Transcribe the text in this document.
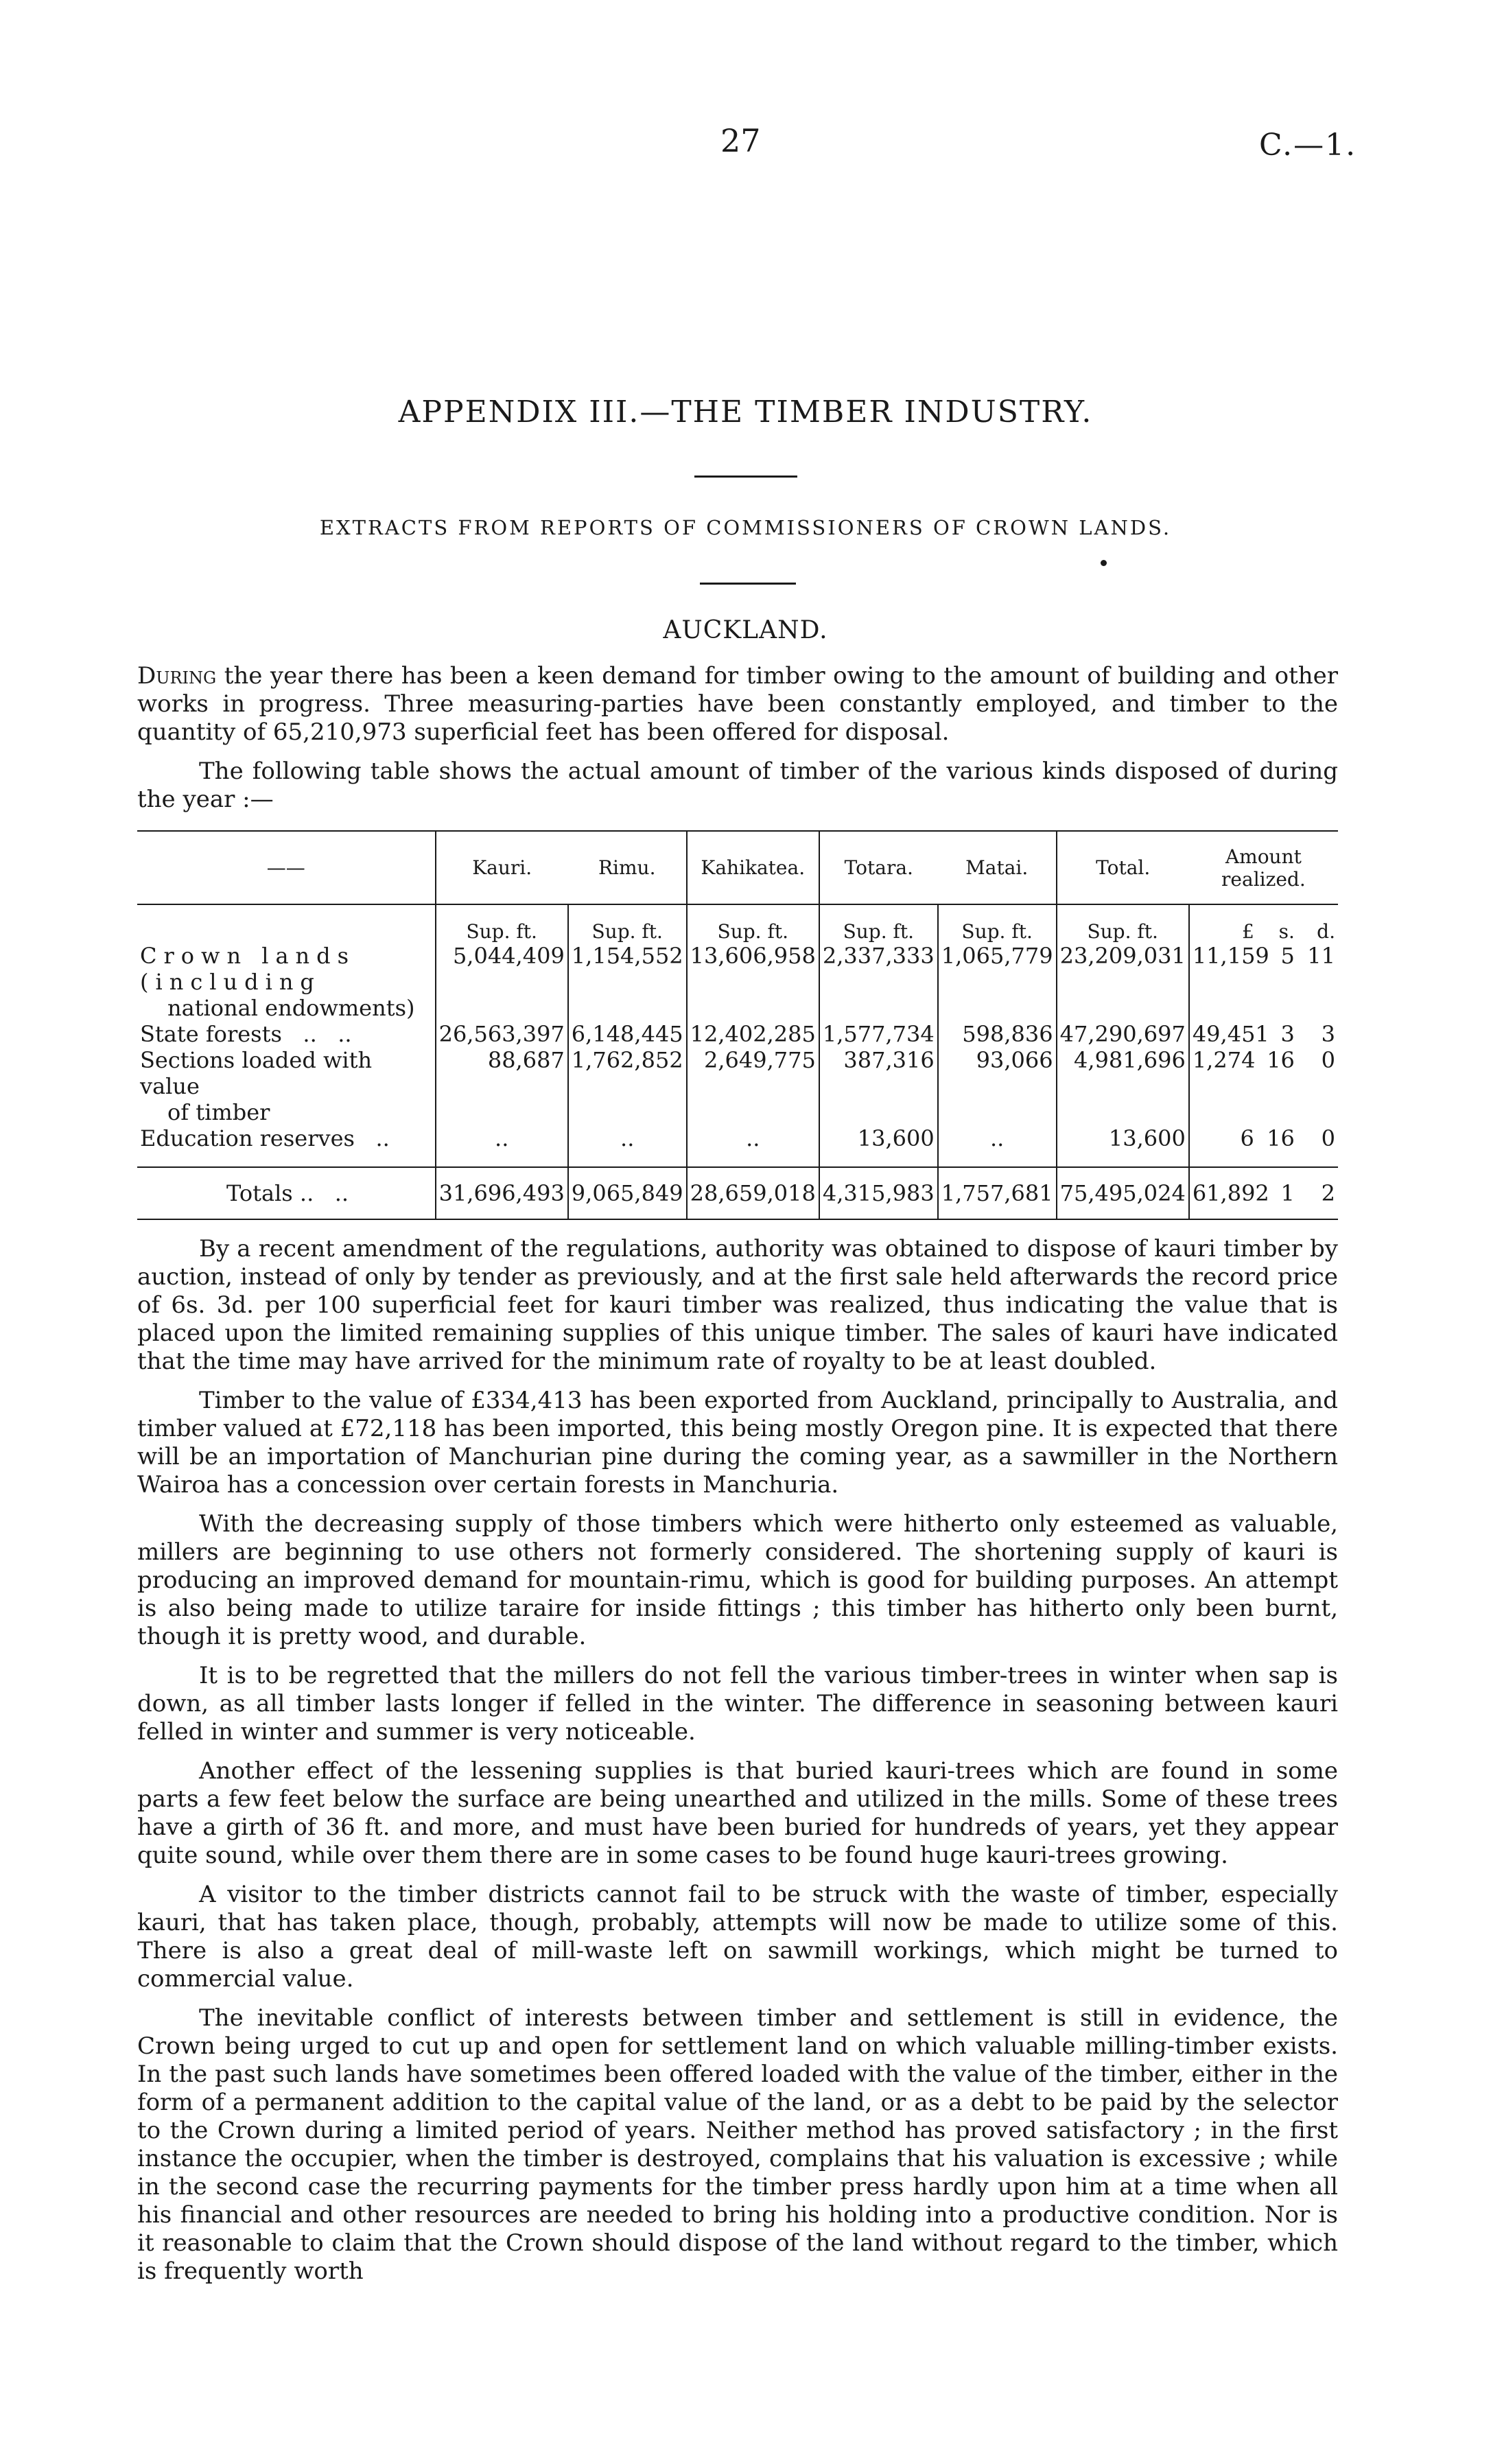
27	C.—1.
APPENDIX III.—THE TIMBER INDUSTRY.
EXTRACTS FROM REPORTS OF COMMISSIONERS OF CROWN LANDS.
AUCKLAND.

During the year there has been a keen demand for timber owing to the amount of building and other works in progress. Three measuring-parties have been constantly employed, and timber to the quantity of 65,210,973 superficial feet has been offered for disposal.

The following table shows the actual amount of timber of the various kinds disposed of during the year :—

——	Kauri.	Rimu.	Kahikatea.	Totara.	Matai.	Total.	Amount realized.
	Sup. ft.	Sup. ft.	Sup. ft.	Sup. ft.	Sup. ft.	Sup. ft.	£ s. d.

Crown lands (including
national endowments)	5,044,409	1,154,552	13,606,958	2,337,333	1,065,779	23,209,031	11,159 5 11

State forests   ..   ..	26,563,397	6,148,445	12,402,285	1,577,734	598,836	47,290,697	49,451 3 3

Sections loaded with value
of timber	88,687	1,762,852	2,649,775	387,316	93,066	4,981,696	1,274 16 0

Education reserves   ..	..	..	..	13,600	..	13,600	6 16 0

Totals ..   ..	31,696,493	9,065,849	28,659,018	4,315,983	1,757,681	75,495,024	61,892 1 2

By a recent amendment of the regulations, authority was obtained to dispose of kauri timber by auction, instead of only by tender as previously, and at the first sale held afterwards the record price of 6s. 3d. per 100 superficial feet for kauri timber was realized, thus indicating the value that is placed upon the limited remaining supplies of this unique timber. The sales of kauri have indicated that the time may have arrived for the minimum rate of royalty to be at least doubled.

Timber to the value of £334,413 has been exported from Auckland, principally to Australia, and timber valued at £72,118 has been imported, this being mostly Oregon pine. It is expected that there will be an importation of Manchurian pine during the coming year, as a sawmiller in the Northern Wairoa has a concession over certain forests in Manchuria.

With the decreasing supply of those timbers which were hitherto only esteemed as valuable, millers are beginning to use others not formerly considered. The shortening supply of kauri is producing an improved demand for mountain-rimu, which is good for building purposes. An attempt is also being made to utilize taraire for inside fittings ; this timber has hitherto only been burnt, though it is pretty wood, and durable.

It is to be regretted that the millers do not fell the various timber-trees in winter when sap is down, as all timber lasts longer if felled in the winter. The difference in seasoning between kauri felled in winter and summer is very noticeable.

Another effect of the lessening supplies is that buried kauri-trees which are found in some parts a few feet below the surface are being unearthed and utilized in the mills. Some of these trees have a girth of 36 ft. and more, and must have been buried for hundreds of years, yet they appear quite sound, while over them there are in some cases to be found huge kauri-trees growing.

A visitor to the timber districts cannot fail to be struck with the waste of timber, especially kauri, that has taken place, though, probably, attempts will now be made to utilize some of this. There is also a great deal of mill-waste left on sawmill workings, which might be turned to commercial value.

The inevitable conflict of interests between timber and settlement is still in evidence, the Crown being urged to cut up and open for settlement land on which valuable milling-timber exists. In the past such lands have sometimes been offered loaded with the value of the timber, either in the form of a permanent addition to the capital value of the land, or as a debt to be paid by the selector to the Crown during a limited period of years. Neither method has proved satisfactory ; in the first instance the occupier, when the timber is destroyed, complains that his valuation is excessive ; while in the second case the recurring payments for the timber press hardly upon him at a time when all his financial and other resources are needed to bring his holding into a productive condition. Nor is it reasonable to claim that the Crown should dispose of the land without regard to the timber, which is frequently worth
